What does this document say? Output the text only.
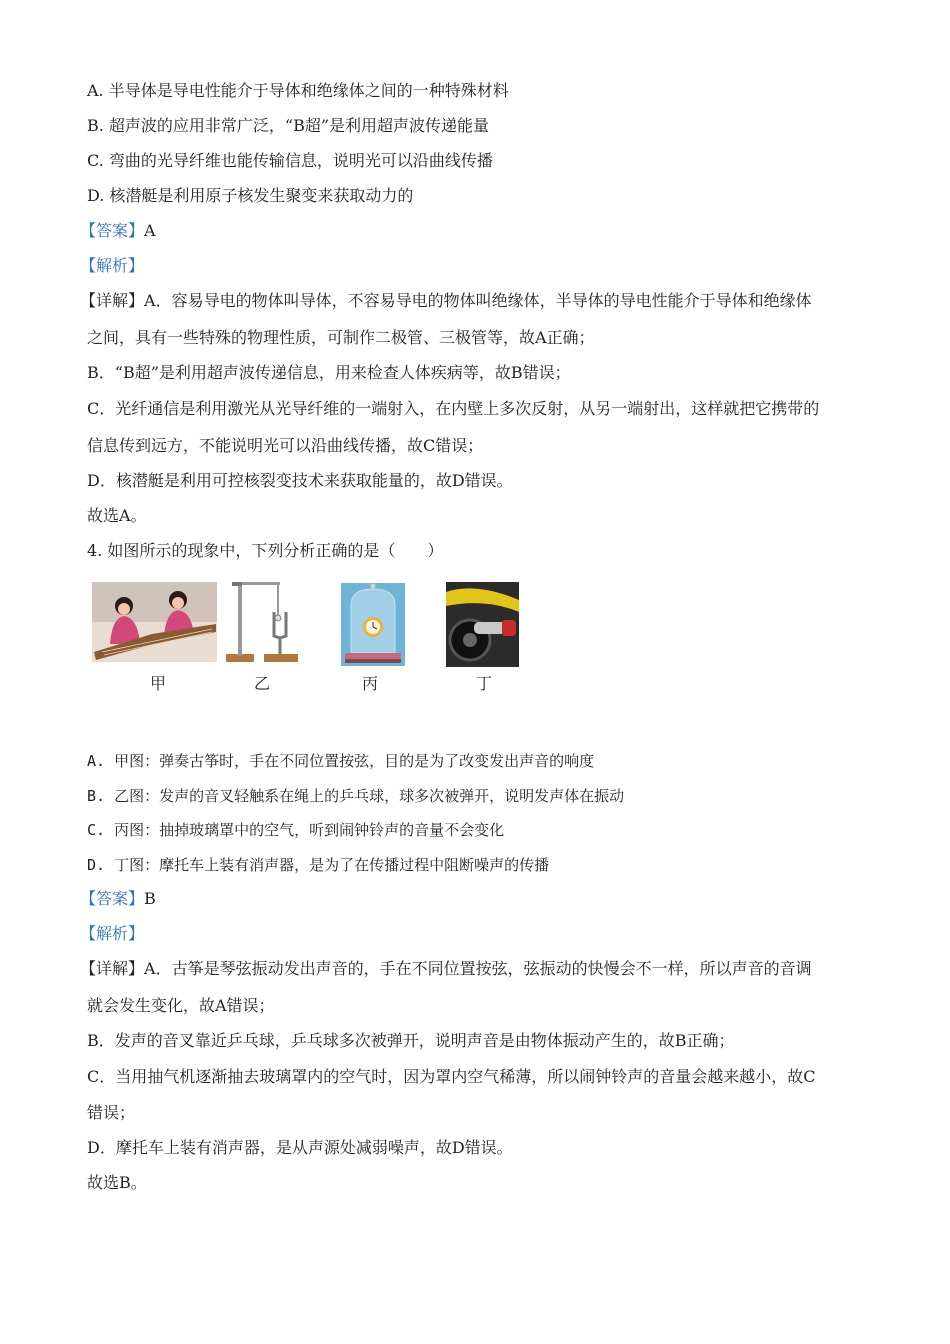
A. 半导体是导电性能介于导体和绝缘体之间的一种特殊材料
B. 超声波的应用非常广泛，“B超”是利用超声波传递能量
C. 弯曲的光导纤维也能传输信息，说明光可以沿曲线传播
D. 核潜艇是利用原子核发生聚变来获取动力的
【答案】A
【解析】
【详解】A．容易导电的物体叫导体，不容易导电的物体叫绝缘体，半导体的导电性能介于导体和绝缘体
之间，具有一些特殊的物理性质，可制作二极管、三极管等，故A正确；
B．“B超”是利用超声波传递信息，用来检查人体疾病等，故B错误；
C．光纤通信是利用激光从光导纤维的一端射入，在内壁上多次反射，从另一端射出，这样就把它携带的
信息传到远方，不能说明光可以沿曲线传播，故C错误；
D．核潜艇是利用可控核裂变技术来获取能量的，故D错误。
故选A。
4. 如图所示的现象中，下列分析正确的是（　　）
甲	乙	丙	丁
A. 甲图：弹奏古筝时，手在不同位置按弦，目的是为了改变发出声音的响度
B. 乙图：发声的音叉轻触系在绳上的乒乓球，球多次被弹开，说明发声体在振动
C. 丙图：抽掉玻璃罩中的空气，听到闹钟铃声的音量不会变化
D. 丁图：摩托车上装有消声器，是为了在传播过程中阻断噪声的传播
【答案】B
【解析】
【详解】A．古筝是琴弦振动发出声音的，手在不同位置按弦，弦振动的快慢会不一样，所以声音的音调
就会发生变化，故A错误；
B．发声的音叉靠近乒乓球，乒乓球多次被弹开，说明声音是由物体振动产生的，故B正确；
C．当用抽气机逐渐抽去玻璃罩内的空气时，因为罩内空气稀薄，所以闹钟铃声的音量会越来越小，故C
错误；
D．摩托车上装有消声器，是从声源处减弱噪声，故D错误。
故选B。
